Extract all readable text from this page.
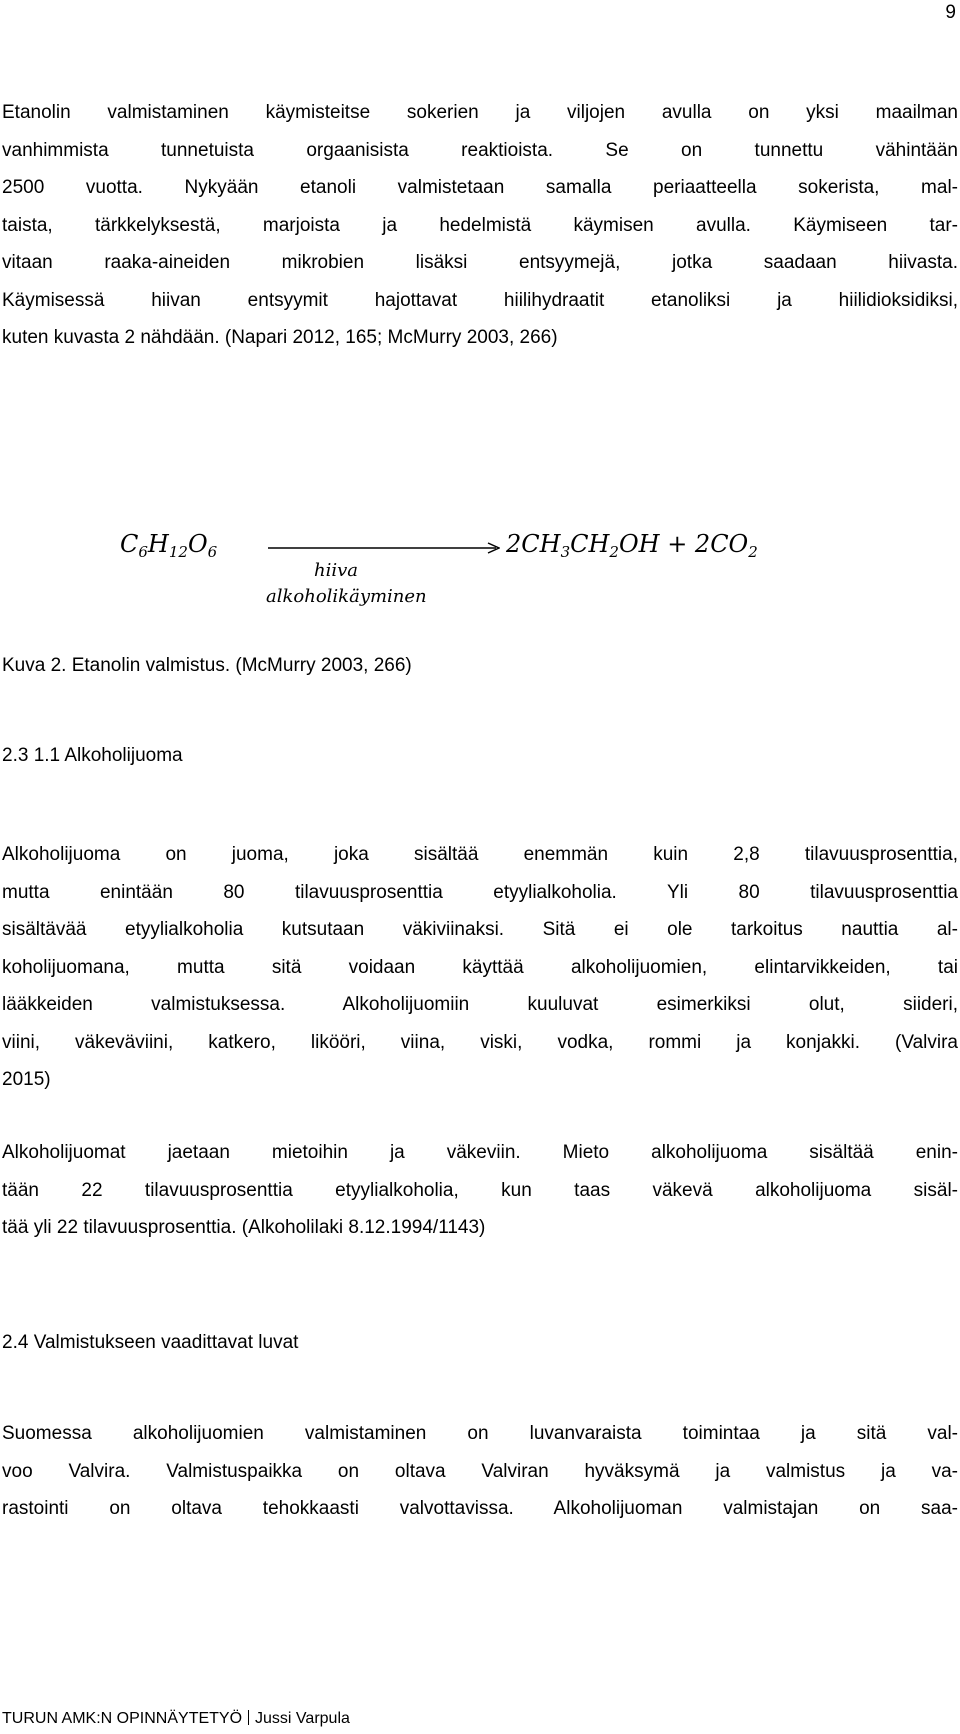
9
Etanolin valmistaminen käymisteitse sokerien ja viljojen avulla on yksi maailman
vanhimmista tunnetuista orgaanisista reaktioista. Se on tunnettu vähintään
2500 vuotta. Nykyään etanoli valmistetaan samalla periaatteella sokerista, mal-
taista, tärkkelyksestä, marjoista ja hedelmistä käymisen avulla. Käymiseen tar-
vitaan raaka-aineiden mikrobien lisäksi entsyymejä, jotka saadaan hiivasta.
Käymisessä hiivan entsyymit hajottavat hiilihydraatit etanoliksi ja hiilidioksidiksi,
kuten kuvasta 2 nähdään. (Napari 2012, 165; McMurry 2003, 266)
$C_6H_{12}O_6$
hiiva
alkoholikäyminen
$2CH_3CH_2OH + 2CO_2$
Kuva 2. Etanolin valmistus. (McMurry 2003, 266)
2.3 1.1 Alkoholijuoma
Alkoholijuoma on juoma, joka sisältää enemmän kuin 2,8 tilavuusprosenttia,
mutta enintään 80 tilavuusprosenttia etyylialkoholia. Yli 80 tilavuusprosenttia
sisältävää etyylialkoholia kutsutaan väkiviinaksi. Sitä ei ole tarkoitus nauttia al-
koholijuomana, mutta sitä voidaan käyttää alkoholijuomien, elintarvikkeiden, tai
lääkkeiden valmistuksessa. Alkoholijuomiin kuuluvat esimerkiksi olut, siideri,
viini, väkeväviini, katkero, likööri, viina, viski, vodka, rommi ja konjakki. (Valvira
2015)
Alkoholijuomat jaetaan mietoihin ja väkeviin. Mieto alkoholijuoma sisältää enin-
tään 22 tilavuusprosenttia etyylialkoholia, kun taas väkevä alkoholijuoma sisäl-
tää yli 22 tilavuusprosenttia. (Alkoholilaki 8.12.1994/1143)
2.4 Valmistukseen vaadittavat luvat
Suomessa alkoholijuomien valmistaminen on luvanvaraista toimintaa ja sitä val-
voo Valvira. Valmistuspaikka on oltava Valviran hyväksymä ja valmistus ja va-
rastointi on oltava tehokkaasti valvottavissa. Alkoholijuoman valmistajan on saa-
TURUN AMK:N OPINNÄYTETYÖ Jussi Varpula
